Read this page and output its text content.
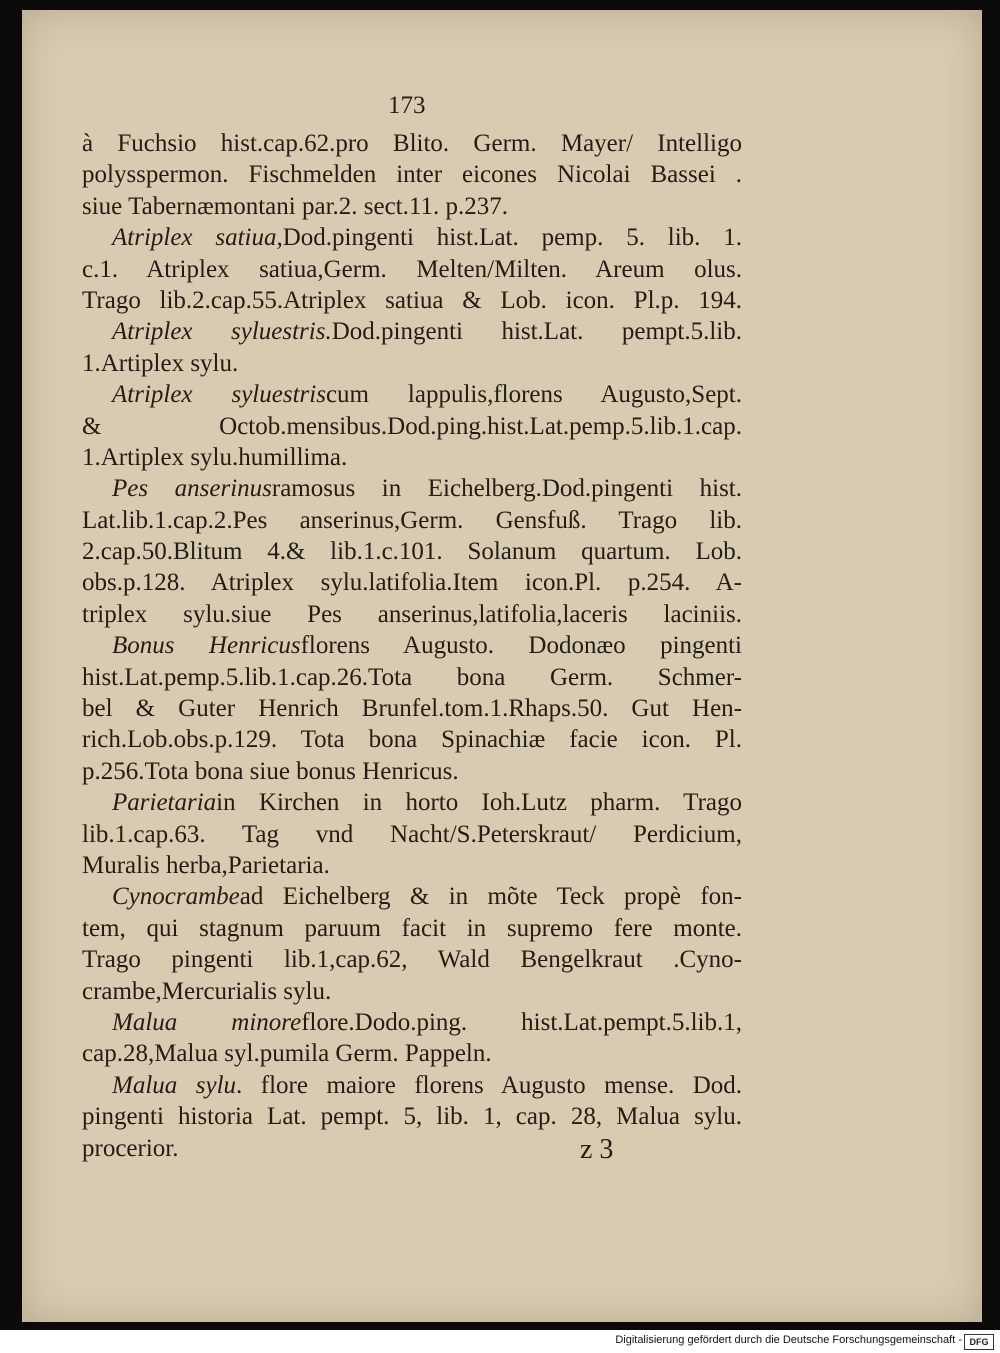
173
à Fuchsio hist.cap.62.pro Blito. Germ. Mayer/ Intelligo
polysspermon. Fischmelden inter eicones Nicolai Bassei .
siue Tabernæmontani par.2. sect.11. p.237.
Atriplex satiua,Dod.pingenti hist.Lat. pemp. 5. lib. 1.
c.1. Atriplex satiua,Germ. Melten/Milten. Areum olus.
Trago lib.2.cap.55.Atriplex satiua & Lob. icon. Pl.p. 194.
Atriplex syluestris.Dod.pingenti hist.Lat. pempt.5.lib.
1.Artiplex sylu.
Atriplex syluestriscum lappulis,florens Augusto,Sept.
& Octob.mensibus.Dod.ping.hist.Lat.pemp.5.lib.1.cap.
1.Artiplex sylu.humillima.
Pes anserinusramosus in Eichelberg.Dod.pingenti hist.
Lat.lib.1.cap.2.Pes anserinus,Germ. Gensfuß. Trago lib.
2.cap.50.Blitum 4.& lib.1.c.101. Solanum quartum. Lob.
obs.p.128. Atriplex sylu.latifolia.Item icon.Pl. p.254. A-
triplex sylu.siue Pes anserinus,latifolia,laceris laciniis.
Bonus Henricusflorens Augusto. Dodonæo pingenti
hist.Lat.pemp.5.lib.1.cap.26.Tota bona Germ. Schmer-
bel & Guter Henrich Brunfel.tom.1.Rhaps.50. Gut Hen-
rich.Lob.obs.p.129. Tota bona Spinachiæ facie icon. Pl.
p.256.Tota bona siue bonus Henricus.
Parietariain Kirchen in horto Ioh.Lutz pharm. Trago
lib.1.cap.63. Tag vnd Nacht/S.Peterskraut/ Perdicium,
Muralis herba,Parietaria.
Cynocrambead Eichelberg & in mõte Teck propè fon-
tem, qui stagnum paruum facit in supremo fere monte.
Trago pingenti lib.1,cap.62, Wald Bengelkraut .Cyno-
crambe,Mercurialis sylu.
Malua minoreflore.Dodo.ping. hist.Lat.pempt.5.lib.1,
cap.28,Malua syl.pumila Germ. Pappeln.
Malua sylu. flore maiore florens Augusto mense. Dod.
pingenti historia Lat. pempt. 5, lib. 1, cap. 28, Malua sylu.
procerior.	z 3
Digitalisierung gefördert durch die Deutsche Forschungsgemeinschaft - DFG
